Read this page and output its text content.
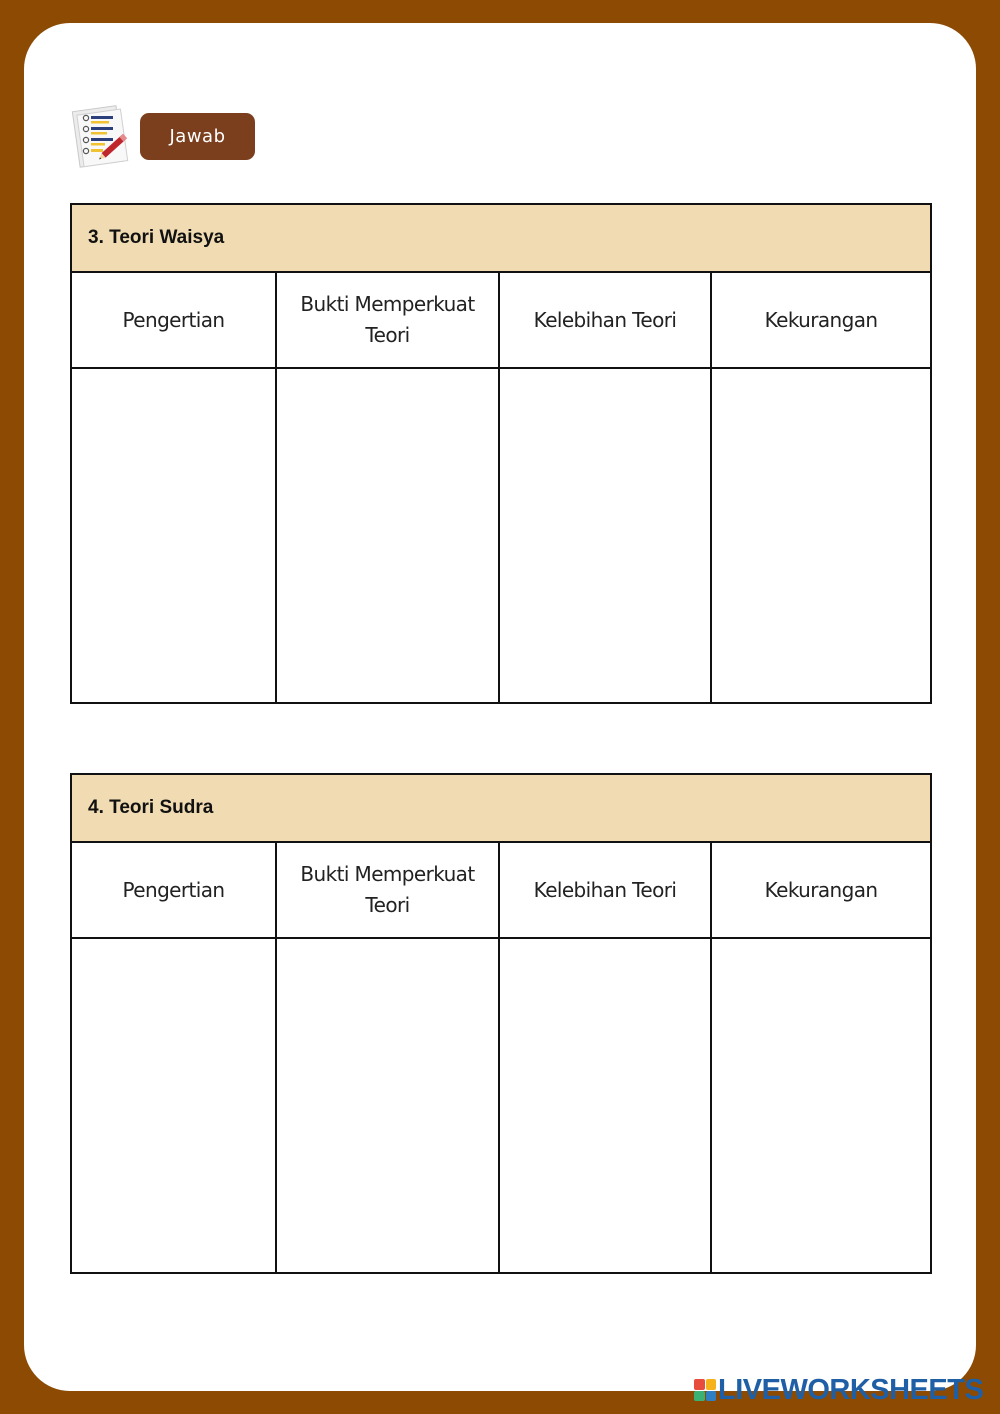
Jawab
3. Teori Waisya			
Pengertian	Bukti Memperkuat Teori	Kelebihan Teori	Kekurangan

4. Teori Sudra			
Pengertian	Bukti Memperkuat Teori	Kelebihan Teori	Kekurangan

LIVEWORKSHEETS
